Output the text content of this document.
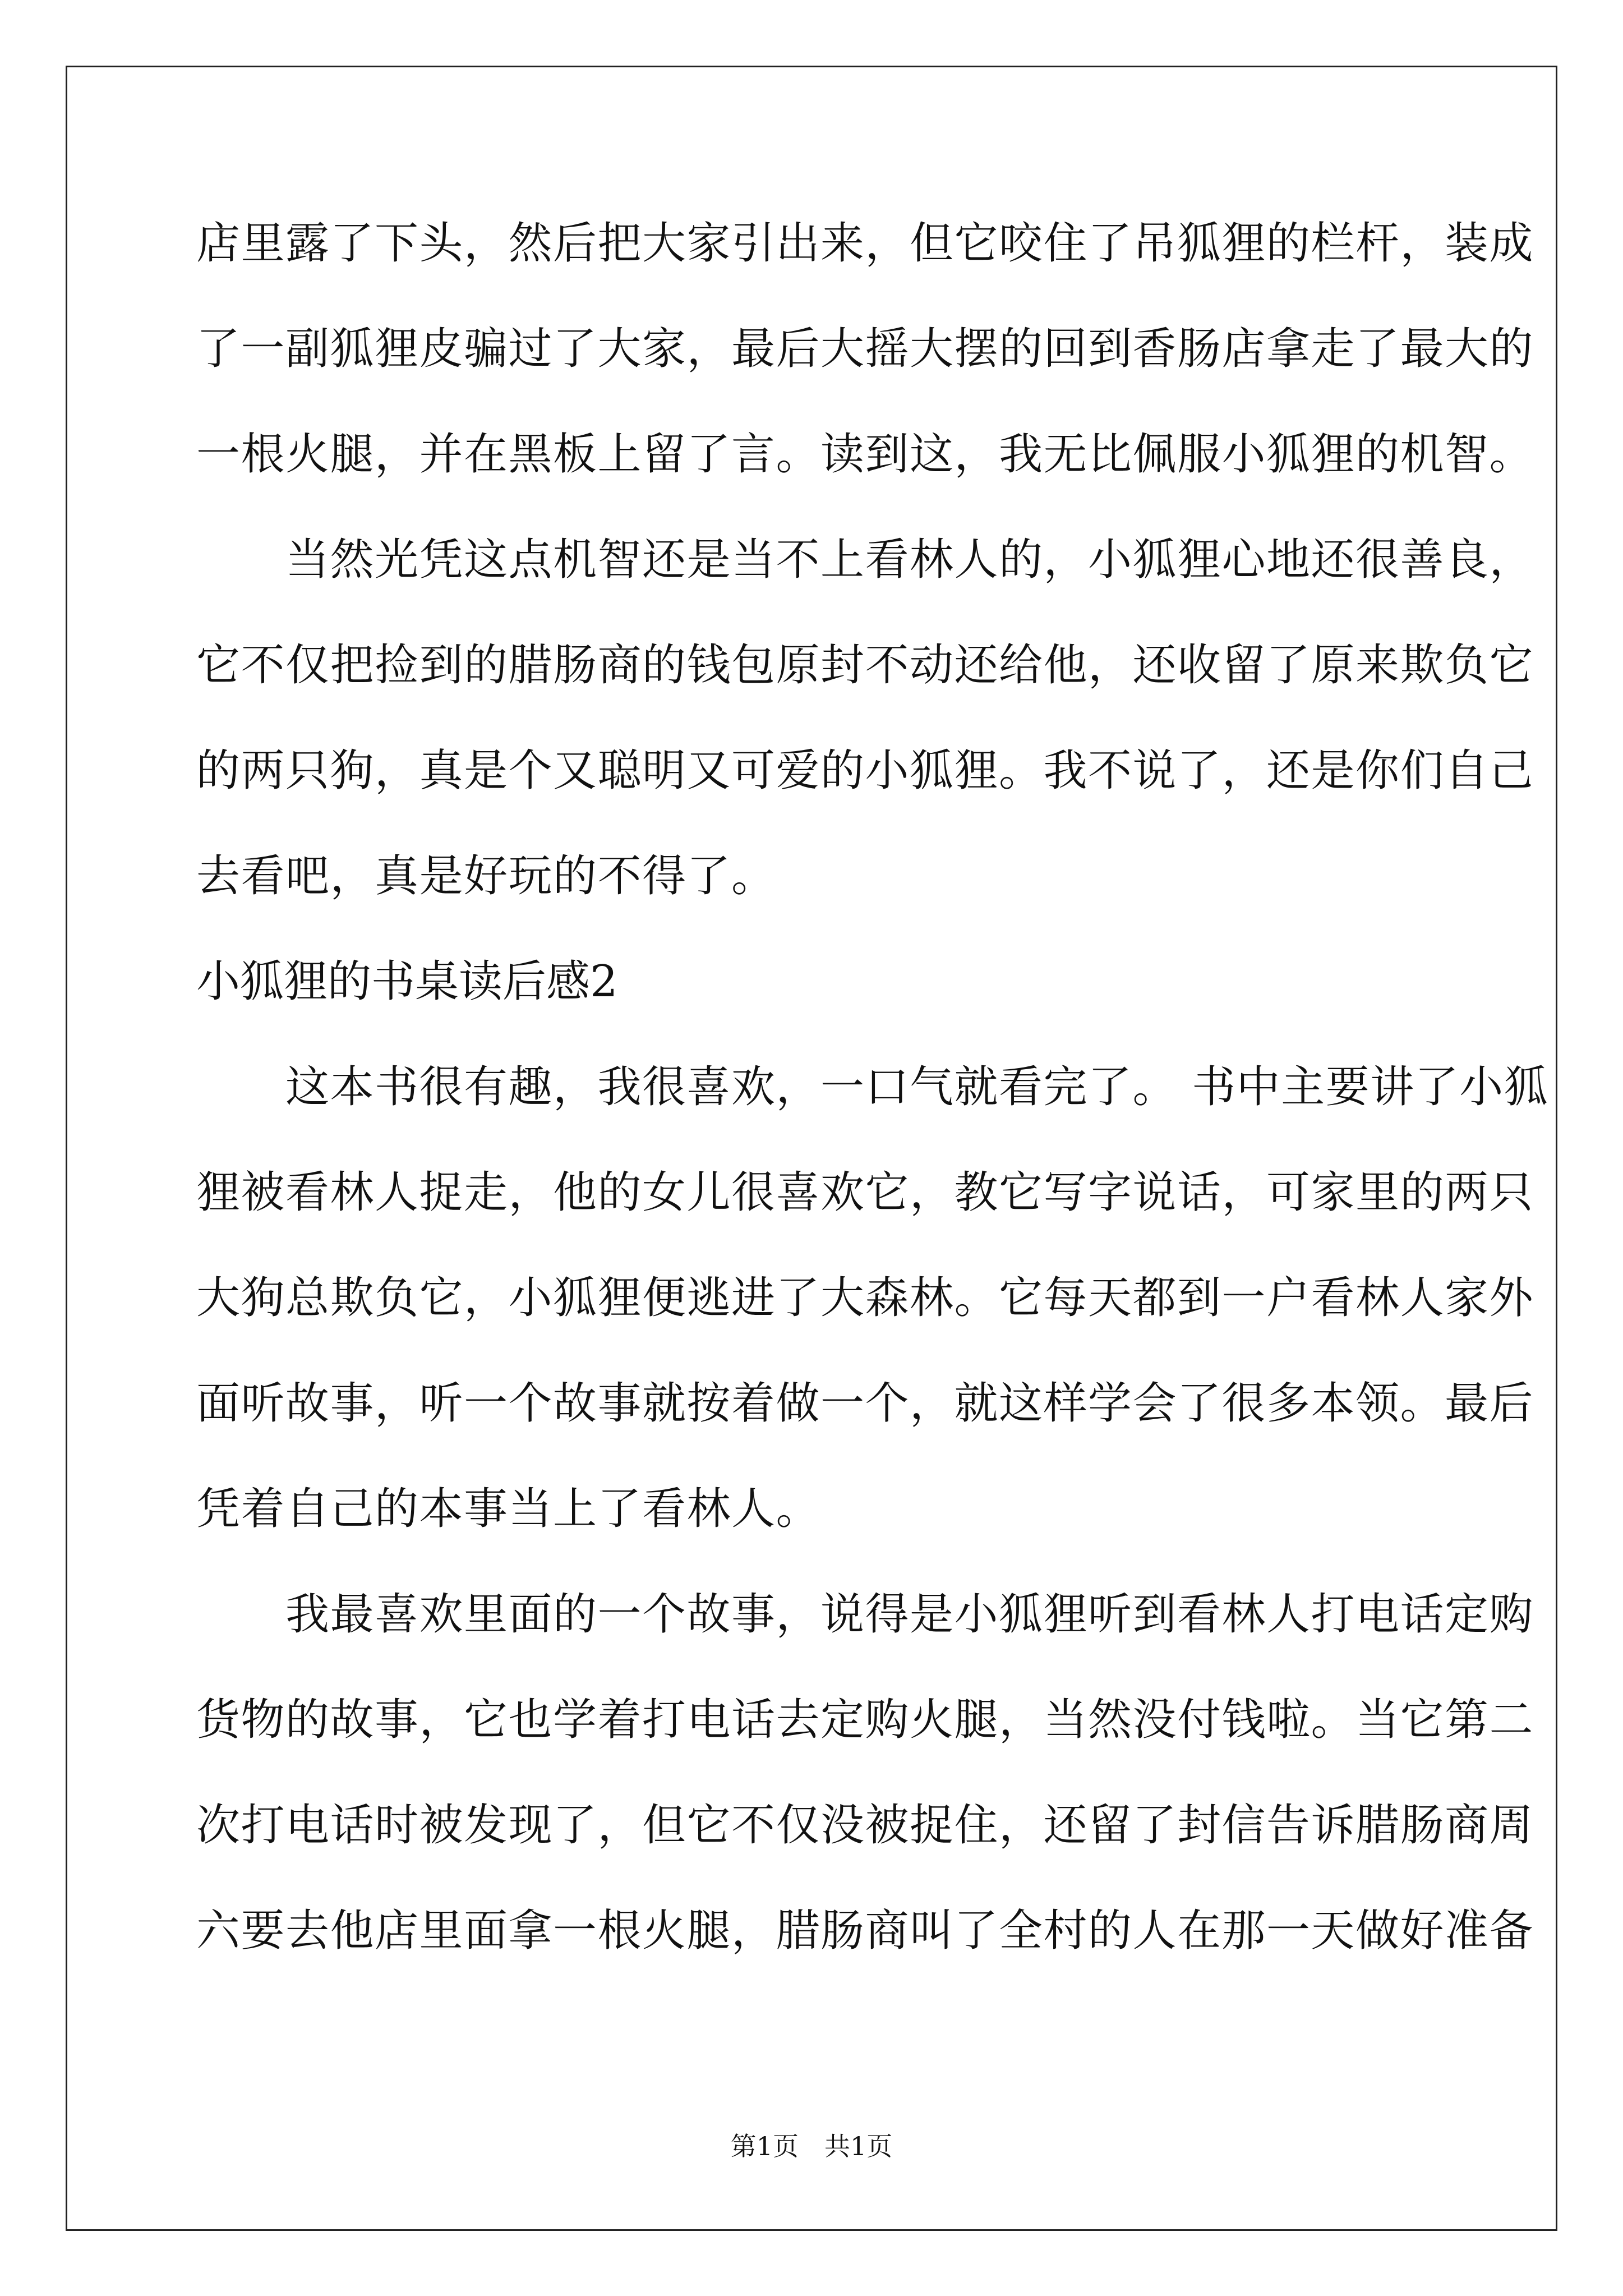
店里露了下头，然后把大家引出来，但它咬住了吊狐狸的栏杆，装成
了一副狐狸皮骗过了大家，最后大摇大摆的回到香肠店拿走了最大的
一根火腿，并在黑板上留了言。读到这，我无比佩服小狐狸的机智。
　　当然光凭这点机智还是当不上看林人的，小狐狸心地还很善良，
它不仅把捡到的腊肠商的钱包原封不动还给他，还收留了原来欺负它
的两只狗，真是个又聪明又可爱的小狐狸。我不说了，还是你们自己
去看吧，真是好玩的不得了。
小狐狸的书桌读后感2
　　这本书很有趣，我很喜欢，一口气就看完了。 书中主要讲了小狐
狸被看林人捉走，他的女儿很喜欢它，教它写字说话，可家里的两只
大狗总欺负它，小狐狸便逃进了大森林。它每天都到一户看林人家外
面听故事，听一个故事就按着做一个，就这样学会了很多本领。最后
凭着自己的本事当上了看林人。
　　我最喜欢里面的一个故事，说得是小狐狸听到看林人打电话定购
货物的故事，它也学着打电话去定购火腿，当然没付钱啦。当它第二
次打电话时被发现了，但它不仅没被捉住，还留了封信告诉腊肠商周
六要去他店里面拿一根火腿，腊肠商叫了全村的人在那一天做好准备
第1页　共1页
